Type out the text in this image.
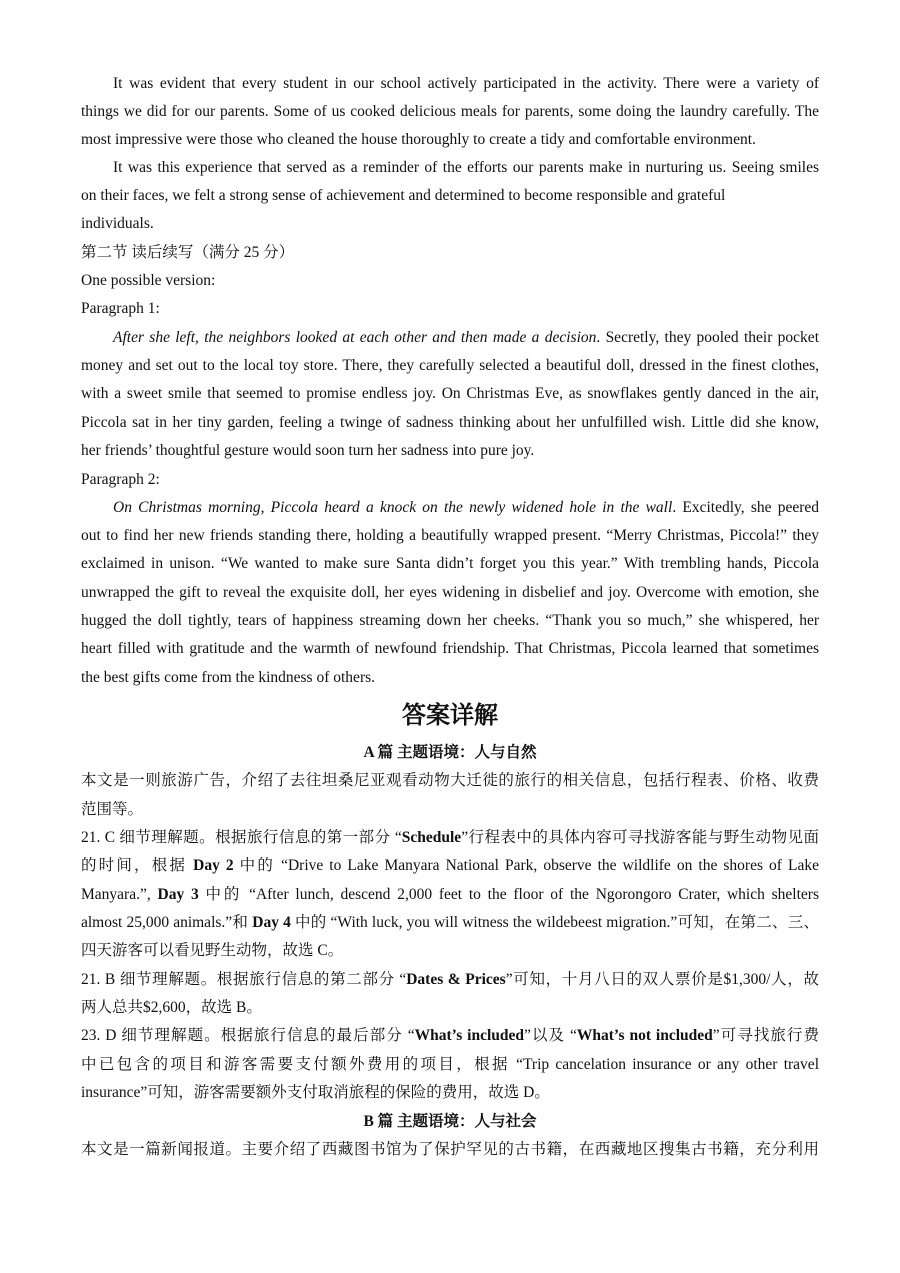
It was evident that every student in our school actively participated in the activity. There were a variety of
things we did for our parents. Some of us cooked delicious meals for parents, some doing the laundry carefully. The
most impressive were those who cleaned the house thoroughly to create a tidy and comfortable environment.
It was this experience that served as a reminder of the efforts our parents make in nurturing us. Seeing smiles
on their faces, we felt a strong sense of achievement and determined to become responsible and grateful
individuals.
第二节 读后续写（满分 25 分）
One possible version:
Paragraph 1:
After she left, the neighbors looked at each other and then made a decision. Secretly, they pooled their pocket
money and set out to the local toy store. There, they carefully selected a beautiful doll, dressed in the finest clothes,
with a sweet smile that seemed to promise endless joy. On Christmas Eve, as snowflakes gently danced in the air,
Piccola sat in her tiny garden, feeling a twinge of sadness thinking about her unfulfilled wish. Little did she know,
her friends’ thoughtful gesture would soon turn her sadness into pure joy.
Paragraph 2:
On Christmas morning, Piccola heard a knock on the newly widened hole in the wall. Excitedly, she peered
out to find her new friends standing there, holding a beautifully wrapped present. “Merry Christmas, Piccola!” they
exclaimed in unison. “We wanted to make sure Santa didn’t forget you this year.” With trembling hands, Piccola
unwrapped the gift to reveal the exquisite doll, her eyes widening in disbelief and joy. Overcome with emotion, she
hugged the doll tightly, tears of happiness streaming down her cheeks. “Thank you so much,” she whispered, her
heart filled with gratitude and the warmth of newfound friendship. That Christmas, Piccola learned that sometimes
the best gifts come from the kindness of others.
答案详解
A 篇 主题语境：人与自然
本文是一则旅游广告，介绍了去往坦桑尼亚观看动物大迁徙的旅行的相关信息，包括行程表、价格、收费
范围等。
21. C 细节理解题。根据旅行信息的第一部分 “Schedule”行程表中的具体内容可寻找游客能与野生动物见面
的时间，根据 Day 2 中的 “Drive to Lake Manyara National Park, observe the wildlife on the shores of Lake
Manyara.”, Day 3 中的 “After lunch, descend 2,000 feet to the floor of the Ngorongoro Crater, which shelters
almost 25,000 animals.”和 Day 4 中的 “With luck, you will witness the wildebeest migration.”可知，在第二、三、
四天游客可以看见野生动物，故选 C。
21. B 细节理解题。根据旅行信息的第二部分 “Dates & Prices”可知，十月八日的双人票价是$1,300/人，故
两人总共$2,600，故选 B。
23. D 细节理解题。根据旅行信息的最后部分 “What’s included”以及 “What’s not included”可寻找旅行费
中已包含的项目和游客需要支付额外费用的项目，根据 “Trip cancelation insurance or any other travel
insurance”可知，游客需要额外支付取消旅程的保险的费用，故选 D。
B 篇 主题语境：人与社会
本文是一篇新闻报道。主要介绍了西藏图书馆为了保护罕见的古书籍，在西藏地区搜集古书籍，充分利用
